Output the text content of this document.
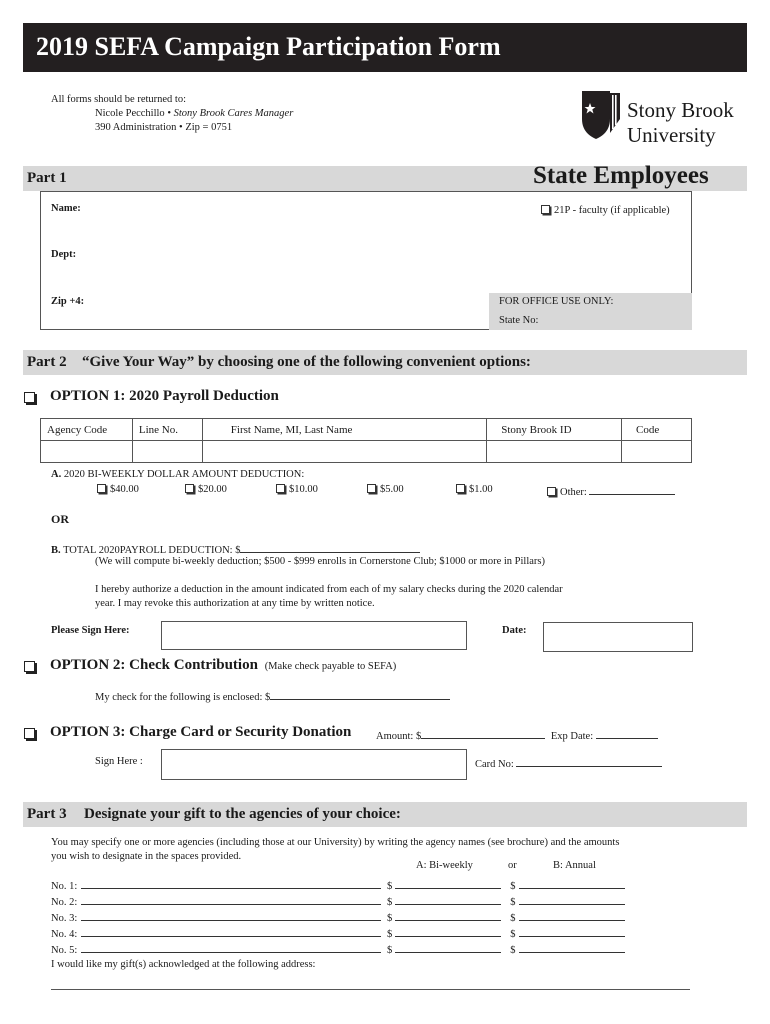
2019 SEFA Campaign Participation Form
All forms should be returned to:
Nicole Pecchillo • Stony Brook Cares Manager
390 Administration • Zip = 0751
Stony Brook
University
Part 1	State Employees
Name:	21P - faculty (if applicable)
Dept:
Zip +4:	FOR OFFICE USE ONLY:
State No:
Part 2 “Give Your Way” by choosing one of the following convenient options:
OPTION 1: 2020 Payroll Deduction
Agency Code	Line No.	First Name, MI, Last Name	Stony Brook ID	Code

A. 2020 BI-WEEKLY DOLLAR AMOUNT DEDUCTION:
$40.00	$20.00	$10.00	$5.00	$1.00	Other:
OR
B. TOTAL 2020PAYROLL DEDUCTION: $
(We will compute bi-weekly deduction; $500 - $999 enrolls in Cornerstone Club; $1000 or more in Pillars)
I hereby authorize a deduction in the amount indicated from each of my salary checks during the 2020 calendar
year. I may revoke this authorization at any time by written notice.
Please Sign Here:	Date:
OPTION 2: Check Contribution (Make check payable to SEFA)
My check for the following is enclosed: $
OPTION 3: Charge Card or Security Donation Amount: $	Exp Date:
Sign Here :	Card No:
Part 3 Designate your gift to the agencies of your choice:
You may specify one or more agencies (including those at our University) by writing the agency names (see brochure) and the amounts
you wish to designate in the spaces provided.
A: Bi-weekly	or	B: Annual
No. 1:	$	$
No. 2:	$	$
No. 3:	$	$
No. 4:	$	$
No. 5:	$	$
I would like my gift(s) acknowledged at the following address:
